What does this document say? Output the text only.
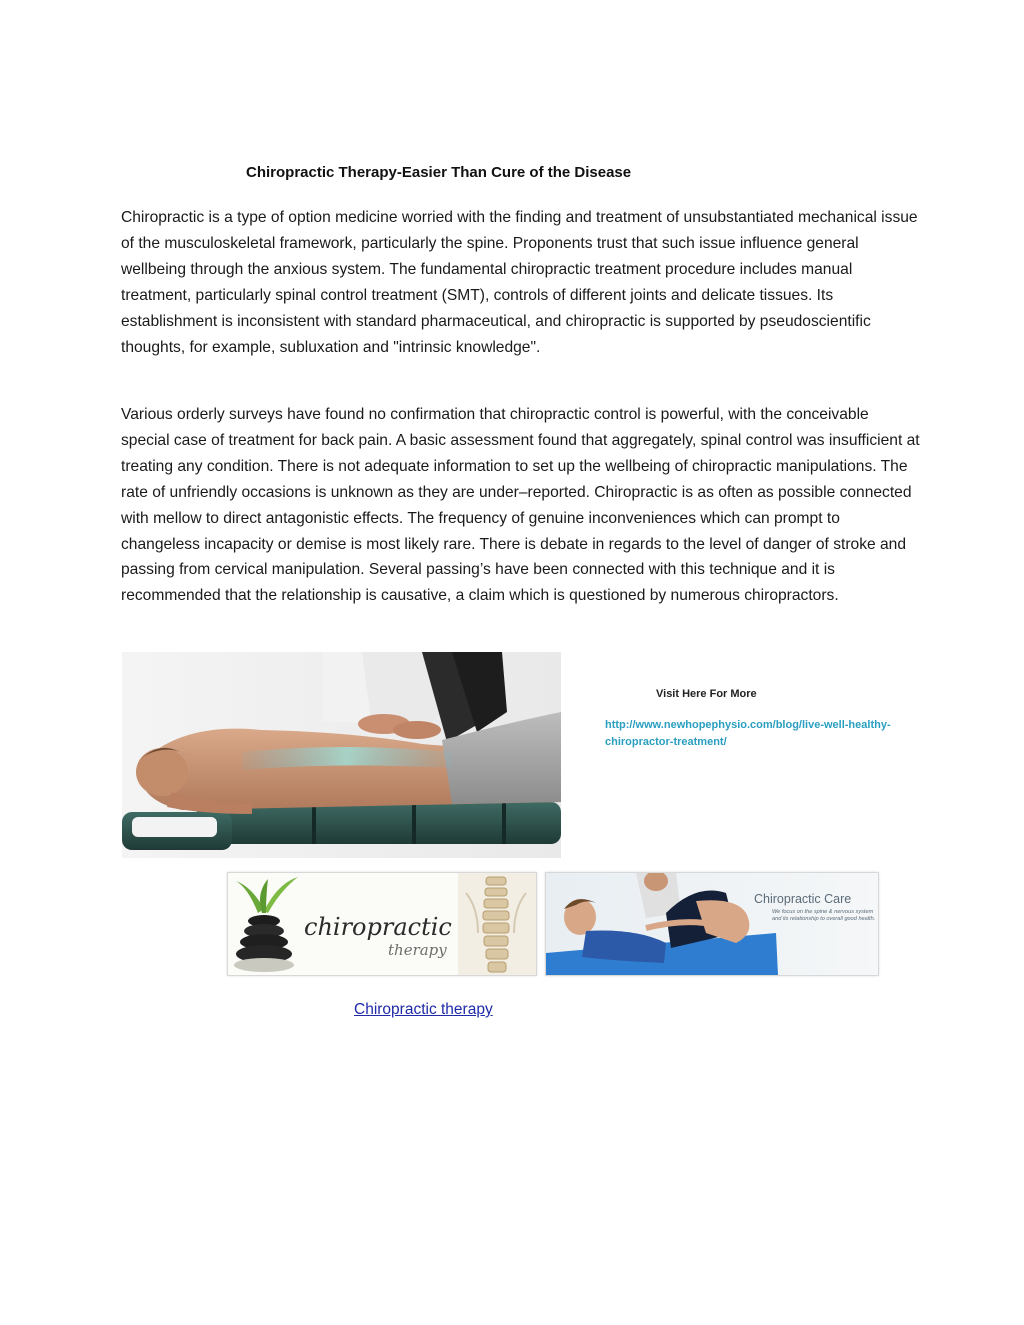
Chiropractic Therapy-Easier Than Cure of the Disease

Chiropractic is a type of option medicine worried with the finding and treatment of unsubstantiated mechanical issue of the musculoskeletal framework, particularly the spine. Proponents trust that such issue influence general wellbeing through the anxious system. The fundamental chiropractic treatment procedure includes manual treatment, particularly spinal control treatment (SMT), controls of different joints and delicate tissues. Its establishment is inconsistent with standard pharmaceutical, and chiropractic is supported by pseudoscientific thoughts, for example, subluxation and "intrinsic knowledge".

Various orderly surveys have found no confirmation that chiropractic control is powerful, with the conceivable special case of treatment for back pain. A basic assessment found that aggregately, spinal control was insufficient at treating any condition. There is not adequate information to set up the wellbeing of chiropractic manipulations. The rate of unfriendly occasions is unknown as they are under–reported. Chiropractic is as often as possible connected with mellow to direct antagonistic effects. The frequency of genuine inconveniences which can prompt to changeless incapacity or demise is most likely rare. There is debate in regards to the level of danger of stroke and passing from cervical manipulation. Several passing’s have been connected with this technique and it is recommended that the relationship is causative, a claim which is questioned by numerous chiropractors.

Visit Here For More
http://www.newhopephysio.com/blog/live-well-healthy-chiropractor-treatment/
chiropractic
therapy
Chiropractic Care
We focus on the spine & nervous system and its relationship to overall good health.
Chiropractic therapy
